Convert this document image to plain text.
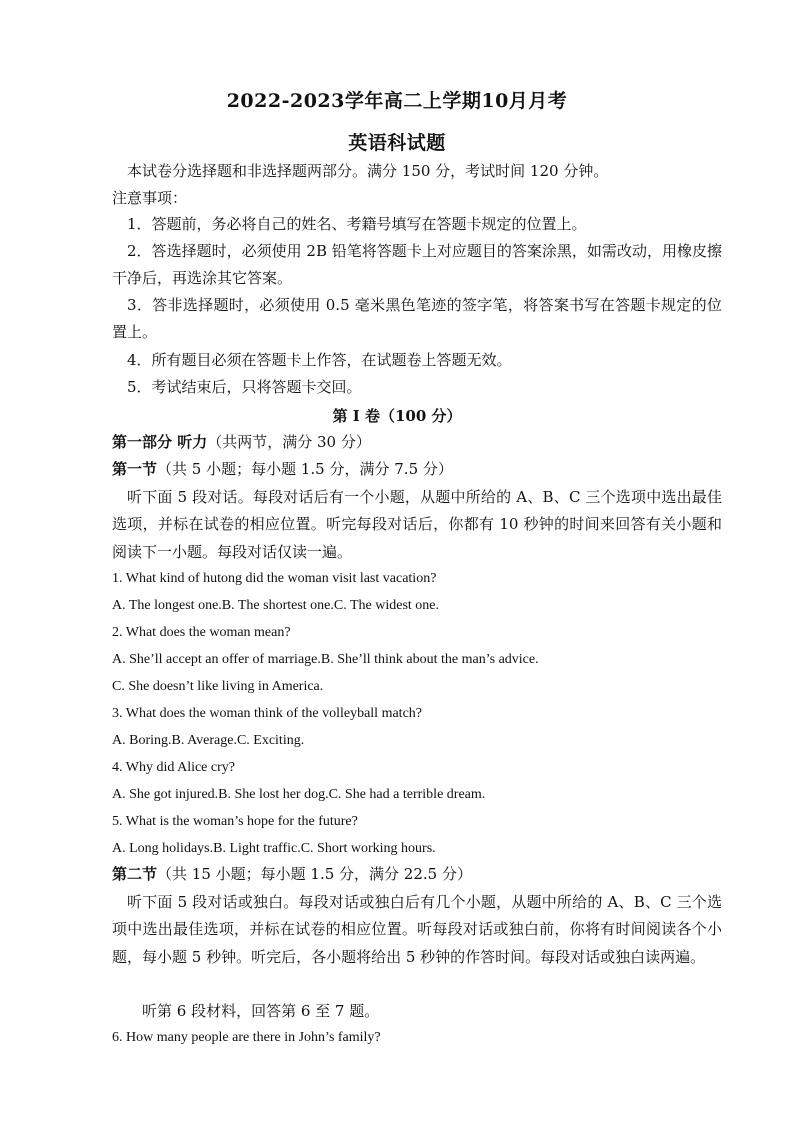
2022-2023学年高二上学期10月月考
英语科试题
本试卷分选择题和非选择题两部分。满分 150 分，考试时间 120 分钟。
注意事项：
1．答题前，务必将自己的姓名、考籍号填写在答题卡规定的位置上。
2．答选择题时，必须使用 2B 铅笔将答题卡上对应题目的答案涂黑，如需改动，用橡皮擦干净后，再选涂其它答案。
3．答非选择题时，必须使用 0.5 毫米黑色笔迹的签字笔，将答案书写在答题卡规定的位置上。
4．所有题目必须在答题卡上作答，在试题卷上答题无效。
5．考试结束后，只将答题卡交回。
第 I 卷（100 分）
第一部分 听力（共两节，满分 30 分）
第一节（共 5 小题；每小题 1.5 分，满分 7.5 分）
听下面 5 段对话。每段对话后有一个小题，从题中所给的 A、B、C 三个选项中选出最佳选项，并标在试卷的相应位置。听完每段对话后，你都有 10 秒钟的时间来回答有关小题和阅读下一小题。每段对话仅读一遍。
1. What kind of hutong did the woman visit last vacation?
A. The longest one.B. The shortest one.C. The widest one.
2. What does the woman mean?
A. She’ll accept an offer of marriage.B. She’ll think about the man’s advice.
C. She doesn’t like living in America.
3. What does the woman think of the volleyball match?
A. Boring.B. Average.C. Exciting.
4. Why did Alice cry?
A. She got injured.B. She lost her dog.C. She had a terrible dream.
5. What is the woman’s hope for the future?
A. Long holidays.B. Light traffic.C. Short working hours.
第二节（共 15 小题；每小题 1.5 分，满分 22.5 分）
听下面 5 段对话或独白。每段对话或独白后有几个小题，从题中所给的 A、B、C 三个选项中选出最佳选项，并标在试卷的相应位置。听每段对话或独白前，你将有时间阅读各个小题，每小题 5 秒钟。听完后，各小题将给出 5 秒钟的作答时间。每段对话或独白读两遍。
听第 6 段材料，回答第 6 至 7 题。
6. How many people are there in John’s family?
